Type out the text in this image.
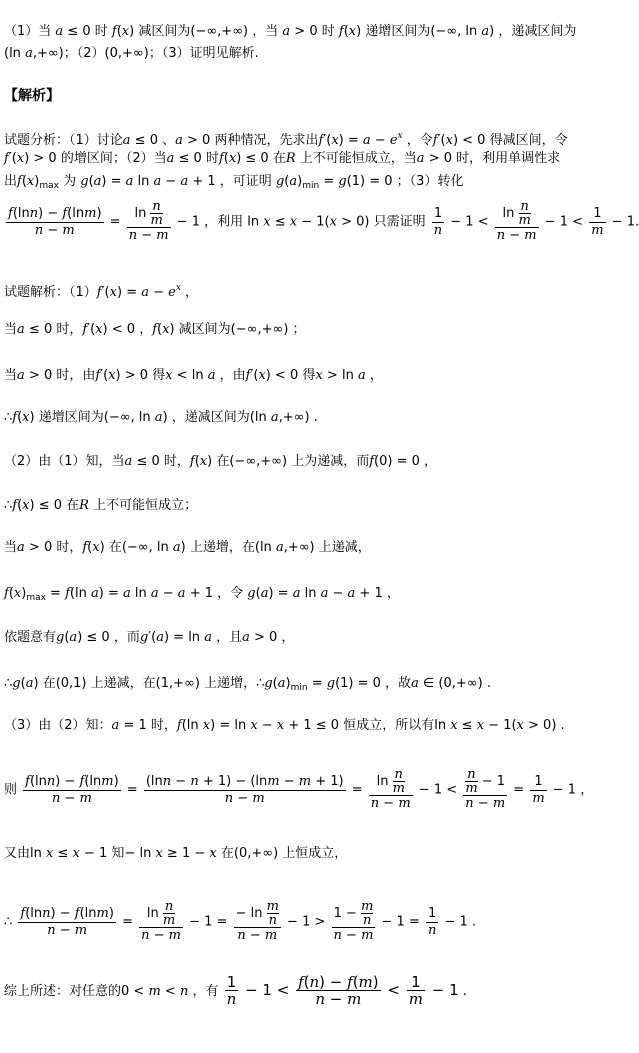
（1）当 a ≤ 0 时 f(x) 减区间为(−∞,+∞) ，当 a > 0 时 f(x) 递增区间为(−∞, ln a) ，递减区间为
(ln a,+∞)；（2）(0,+∞)；（3）证明见解析.
【解析】
试题分析：（1）讨论a ≤ 0 、a > 0 两种情况，先求出$f'(x) = a - e^x$ ，令f′(x) < 0 得减区间，令
f′(x) > 0 的增区间；（2）当a ≤ 0 时f(x) ≤ 0 在R 上不可能恒成立，当a > 0 时，利用单调性求
出$f(x)_{max}$ 为 g(a) = a ln a − a + 1 ，可证明 $g(a)_{min} = g(1) = 0$ ；（3）转化
$\frac{f(\ln n) - f(\ln m)}{n - m} = \frac{\ln \frac{n}{m}}{n - m} - 1$ ，利用 ln x ≤ x − 1(x > 0) 只需证明 $\frac{1}{n} - 1 < \frac{\ln \frac{n}{m}}{n - m} - 1 < \frac{1}{m} - 1$.
试题解析：$(1)f'(x) = a - e^x$ ，
当a ≤ 0 时，f′(x) < 0 ，f(x) 减区间为(−∞,+∞) ；
当a > 0 时，由f′(x) > 0 得x < ln a ，由f′(x) < 0 得x > ln a ，
∴f(x) 递增区间为(−∞, ln a) ，递减区间为(ln a,+∞) .
（2）由（1）知，当a ≤ 0 时，f(x) 在(−∞,+∞) 上为递减，而f(0) = 0 ，
∴f(x) ≤ 0 在R 上不可能恒成立；
当a > 0 时，f(x) 在(−∞, ln a) 上递增，在(ln a,+∞) 上递减，
$f(x)_{max} = f(\ln$ a) = a ln a − a + 1 ，令 g(a) = a ln a − a + 1 ，
依题意有g(a) ≤ 0 ，而g′(a) = ln a ，且a > 0 ，
∴g(a) 在(0,1) 上递减，在(1,+∞) 上递增，$\therefore g(a)_{min} = g(1) = 0$ ，故a ∈ (0,+∞) .
（3）由（2）知：a = 1 时，f(ln x) = ln x − x + 1 ≤ 0 恒成立，所以有ln x ≤ x − 1(x > 0) .
则 $\frac{f(\ln n) - f(\ln m)}{n - m} = \frac{(\ln n - n + 1) - (\ln m - m + 1)}{n - m} = \frac{\ln \frac{n}{m}}{n - m} - 1 < \frac{\frac{n}{m} - 1}{n - m} = \frac{1}{m} - 1$ ，
又由ln x ≤ x − 1 知− ln x ≥ 1 − x 在(0,+∞) 上恒成立，
∴ $\frac{f(\ln n) - f(\ln m)}{n - m} = \frac{\ln \frac{n}{m}}{n - m} - 1 = \frac{- \ln \frac{m}{n}}{n - m} - 1 > \frac{1 - \frac{m}{n}}{n - m} - 1 = \frac{1}{n} - 1$ .
综上所述：对任意的0 < m < n ，有 $\frac{1}{n} - 1 < \frac{f(n) - f(m)}{n - m} < \frac{1}{m} - 1$ .
